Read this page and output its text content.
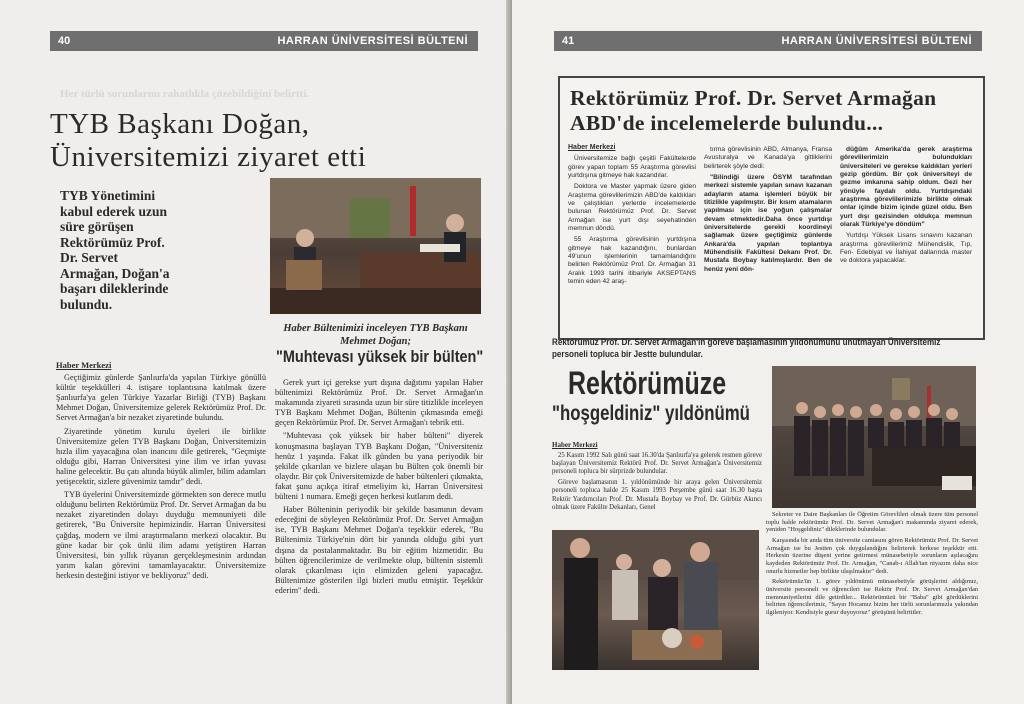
40	HARRAN ÜNİVERSİTESİ BÜLTENİ
Her türlü sorunlarını rahatlıkla çözebildiğini belirtti.
TYB Başkanı Doğan,
Üniversitemizi ziyaret etti
TYB Yönetimini kabul ederek uzun süre görüşen Rektörümüz Prof. Dr. Servet Armağan, Doğan'a başarı dileklerinde bulundu.
Haber Bültenimizi inceleyen TYB Başkanı Mehmet Doğan;
"Muhtevası yüksek bir bülten"
Haber Merkezi

Geçtiğimiz günlerde Şanlıurfa'da yapılan Türkiye gönüllü kültür teşekkülleri 4. istişare toplantısına katılmak üzere Şanlıurfa'ya gelen Türkiye Yazarlar Birliği (TYB) Başkanı Mehmet Doğan, Üniversitemize gelerek Rektörümüz Prof. Dr. Servet Armağan'a bir nezaket ziyaretinde bulundu.

Ziyaretinde yönetim kurulu üyeleri ile birlikte Üniversitemize gelen TYB Başkanı Doğan, Üniversitemizin hızla ilim yayacağına olan inancını dile getirerek, "Geçmişte olduğu gibi, Harran Üniversitesi yine ilim ve irfan yuvası haline gelecektir. Bu çatı altında büyük alimler, bilim adamları yetişecektir, sizlere güvenimiz tamdır" dedi.

TYB üyelerini Üniversitemizde görmekten son derece mutlu olduğunu belirten Rektörümüz Prof. Dr. Servet Armağan da bu nezaket ziyaretinden dolayı duyduğu memnuniyeti dile getirerek, "Bu Üniversite hepimizindir. Harran Üniversitesi çağdaş, modern ve ilmi araştırmaların merkezi olacaktır. Bu güne kadar bir çok ünlü ilim adamı yetiştiren Harran Üniversitesi, bin yıllık rüyanın gerçekleşmesinin ardından yarım kalan görevini tamamlayacaktır. Üniversitemize herkesin desteğini istiyor ve bekliyoruz" dedi.

Gerek yurt içi gerekse yurt dışına dağıtımı yapılan Haber bültenimizi Rektörümüz Prof. Dr. Servet Armağan'ın makamında ziyareti sırasında uzun bir süre titizlikle inceleyen TYB Başkanı Mehmet Doğan, Bültenin çıkmasında emeği geçen Rektörümüz Prof. Dr. Servet Armağan'ı tebrik etti.

"Muhtevası çok yüksek bir haber bülteni" diyerek konuşmasına başlayan TYB Başkanı Doğan, "Üniversiteniz henüz 1 yaşında. Fakat ilk günden bu yana periyodik bir şekilde çıkarılan ve bizlere ulaşan bu Bülten çok önemli bir olaydır. Bir çok Üniversitemizde de haber bültenleri çıkmakta, fakat şunu açıkça itiraf etmeliyim ki, Harran Üniversitesi bülteni 1 numara. Emeği geçen herkesi kutlarım dedi.

Haber Bülteninin periyodik bir şekilde basımının devam edeceğini de söyleyen Rektörümüz Prof. Dr. Servet Armağan ise, TYB Başkanı Mehmet Doğan'a teşekkür ederek, "Bu Bültenimiz Türkiye'nin dört bir yanında olduğu gibi yurt dışına da postalanmaktadır. Bu bir eğitim hizmetidir. Bu bülten öğrencilerimize de verilmekte olup, bültenin sistemli olarak çıkarılması için elimizden geleni yapacağız. Bültenimize gösterilen ilgi bizleri mutlu etmiştir. Teşekkür ederim" dedi.

41	HARRAN ÜNİVERSİTESİ BÜLTENİ
Rektörümüz Prof. Dr. Servet Armağan
ABD'de incelemelerde bulundu...
Haber Merkezi

Üniversitemize bağlı çeşitli Fakültelerde görev yapan toplam 55 Araştırma görevlisi yurtdışına gitmeye hak kazandılar.

Doktora ve Master yapmak üzere giden Araştırma görevlilerimizin ABD'de kaldıkları ve çalıştıkları yerlerde incelemelerde bulunan Rektörümüz Prof. Dr. Servet Armağan ise yurt dışı seyehatinden memnun döndü.

55 Araştırma görevlisinin yurtdışına gitmeye hak kazandığını, bunlardan 49'unun işlemlerinin tamamlandığını belirten Rektörümüz Prof. Dr. Armağan 31 Aralık 1993 tarihi itibariyle AKSEPTANS temin eden 42 araş-

tırma görevlisinin ABD, Almanya, Fransa Avusturalya ve Kanada'ya gittiklerini belirterek şöyle dedi:

"Bilindiği üzere ÖSYM tarafından merkezi sistemle yapılan sınavı kazanan adayların atama işlemleri büyük bir titizlikle yapılmıştır. Bir kısım atamaların yapılması için ise yoğun çalışmalar devam etmektedir.Daha önce yurtdışı üniversitelerde gerekli koordineyi sağlamak üzere geçtiğimiz günlerde Ankara'da yapılan toplantıya Mühendislik Fakültesi Dekanı Prof. Dr. Mustafa Boybay katılmışlardır. Ben de henüz yeni dön-

düğüm Amerika'da gerek araştırma görevlilerimizin bulundukları üniversiteleri ve gerekse kaldıkları yerleri gezip gördüm. Bir çok üniversiteyi de gezme imkanına sahip oldum. Gezi her yönüyle faydalı oldu. Yurtdışındaki araştırma görevlilerimizle birlikte olmak onlar içinde bizim içinde güzel oldu. Ben yurt dışı gezisinden oldukça memnun olarak Türkiye'ye döndüm"

Yurtdışı Yüksek Lisans sınavını kazanan araştırma görevlilerimiz Mühendislik, Tıp, Fen- Edebiyat ve İlahiyat dallarında master ve doktora yapacaklar.

Rektörümüz Prof. Dr. Servet Armağan'ın göreve başlamasının yıldönümünü unutmayan Üniversitemiz personeli topluca bir Jestte bulundular.
Rektörümüze
"hoşgeldiniz" yıldönümü
Haber Merkezi

25 Kasım 1992 Salı günü saat 16.30'da Şanlıurfa'ya gelerek resmen göreve başlayan Üniversitemiz Rektörü Prof. Dr. Servet Armağan'a Üniversitemiz personeli topluca bir sürprizde bulundular.

Göreve başlamasının 1. yıldönümünde bir araya gelen Üniversitemiz personeli topluca halde 25 Kasım 1993 Perşembe günü saat 16.30 başta Rektör Yardımcıları Prof. Dr. Mustafa Boybay ve Prof. Dr. Gürbüz Akıncı olmak üzere Fakülte Dekanları, Genel

Sekreter ve Daire Başkanları ile Öğretim Görevlileri olmak üzere tüm personel toplu halde rektörümüz Prof. Dr. Servet Armağan'ı makamında ziyaret ederek, yeniden "Hoşgeldiniz" dileklerinde bulundular.

Karşısında bir anda tüm üniversite camiasını gören Rektörümüz Prof. Dr. Servet Armağan ise bu Jestten çok duygulandığını belirterek herkese teşekkür etti. Herkesin üzerine düşeni yerine getirmesi münasebetiyle sorunların aşılacağını kaydeden Rektörümüz Prof. Dr. Armağan, "Canab-ı Allah'tan niyazım daha nice onurlu hizmetler hep birlikte ulaşılmaktır" dedi.

Rektörümüz'ün 1. görev yıldönümü münasebetiyle görüşlerini aldığımız, üniversite personeli ve öğrencileri ise Rektör Prof. Dr. Servet Armağan'dan memnuniyetlerini dile getirdiler... Rektörümüzü bir "Baba" gibi gördüklerini belirten öğrencilerimiz, "Sayın Hocamız bizim her türlü sorunlarımızla yakından ilgileniyor. Kendisiyle gurur duyuyoruz" görüşünü belirttiler.
